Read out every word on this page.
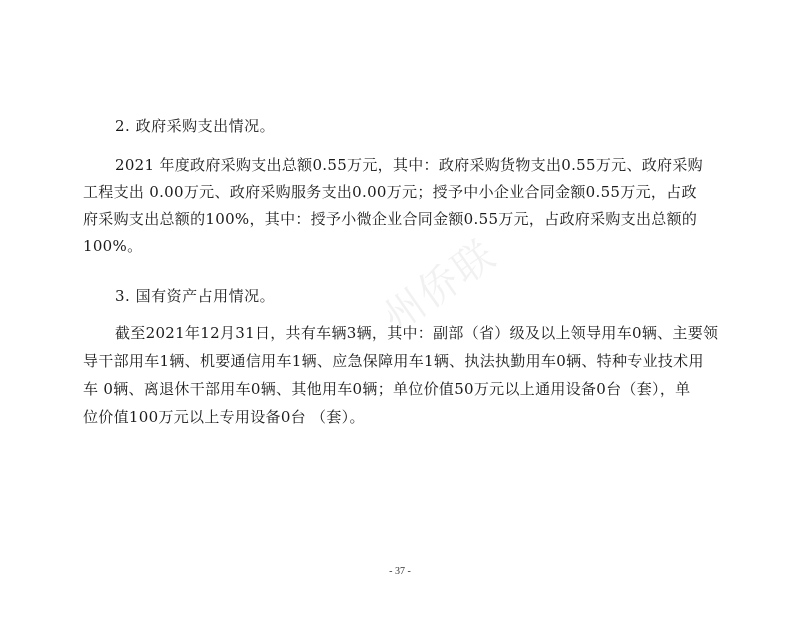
2. 政府采购支出情况。
2021 年度政府采购支出总额0.55万元，其中：政府采购货物支出0.55万元、政府采购
工程支出 0.00万元、政府采购服务支出0.00万元；授予中小企业合同金额0.55万元，占政
府采购支出总额的100%，其中：授予小微企业合同金额0.55万元，占政府采购支出总额的
100%。
3. 国有资产占用情况。
截至2021年12月31日，共有车辆3辆，其中：副部（省）级及以上领导用车0辆、主要领
导干部用车1辆、机要通信用车1辆、应急保障用车1辆、执法执勤用车0辆、特种专业技术用
车 0辆、离退休干部用车0辆、其他用车0辆；单位价值50万元以上通用设备0台（套），单
位价值100万元以上专用设备0台 （套）。
州侨联
- 37 -
